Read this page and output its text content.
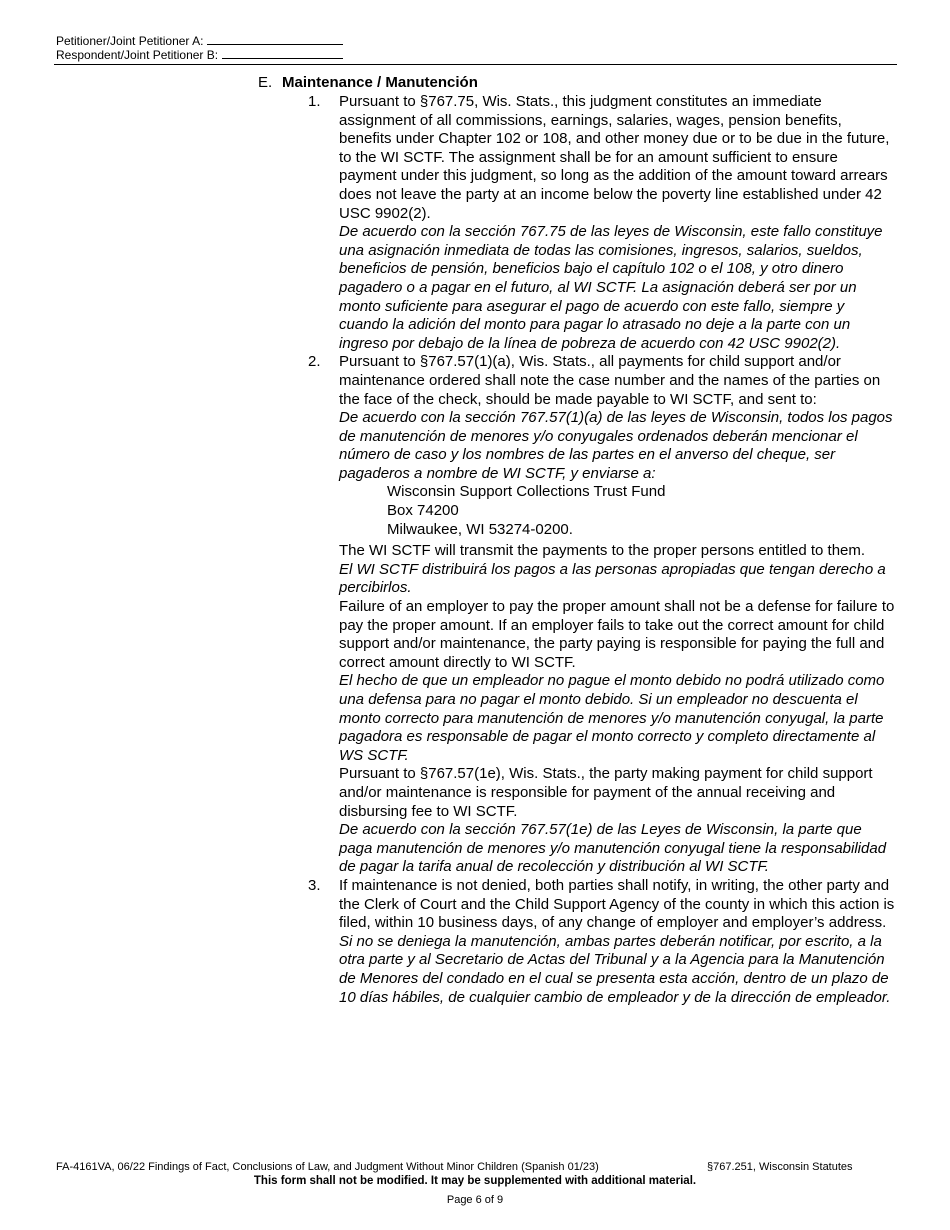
Petitioner/Joint Petitioner A:
Respondent/Joint Petitioner B:
E. Maintenance / Manutención
1. Pursuant to §767.75, Wis. Stats., this judgment constitutes an immediate assignment of all commissions, earnings, salaries, wages, pension benefits, benefits under Chapter 102 or 108, and other money due or to be due in the future, to the WI SCTF. The assignment shall be for an amount sufficient to ensure payment under this judgment, so long as the addition of the amount toward arrears does not leave the party at an income below the poverty line established under 42 USC 9902(2).

De acuerdo con la sección 767.75 de las leyes de Wisconsin, este fallo constituye una asignación inmediata de todas las comisiones, ingresos, salarios, sueldos, beneficios de pensión, beneficios bajo el capítulo 102 o el 108, y otro dinero pagadero o a pagar en el futuro, al WI SCTF. La asignación deberá ser por un monto suficiente para asegurar el pago de acuerdo con este fallo, siempre y cuando la adición del monto para pagar lo atrasado no deje a la parte con un ingreso por debajo de la línea de pobreza de acuerdo con 42 USC 9902(2).

2. Pursuant to §767.57(1)(a), Wis. Stats., all payments for child support and/or maintenance ordered shall note the case number and the names of the parties on the face of the check, should be made payable to WI SCTF, and sent to:

De acuerdo con la sección 767.57(1)(a) de las leyes de Wisconsin, todos los pagos de manutención de menores y/o conyugales ordenados deberán mencionar el número de caso y los nombres de las partes en el anverso del cheque, ser pagaderos a nombre de WI SCTF, y enviarse a:

Wisconsin Support Collections Trust Fund

Box 74200

Milwaukee, WI 53274-0200.

The WI SCTF will transmit the payments to the proper persons entitled to them.

El WI SCTF distribuirá los pagos a las personas apropiadas que tengan derecho a percibirlos.

Failure of an employer to pay the proper amount shall not be a defense for failure to pay the proper amount. If an employer fails to take out the correct amount for child support and/or maintenance, the party paying is responsible for paying the full and correct amount directly to WI SCTF.

El hecho de que un empleador no pague el monto debido no podrá utilizado como una defensa para no pagar el monto debido. Si un empleador no descuenta el monto correcto para manutención de menores y/o manutención conyugal, la parte pagadora es responsable de pagar el monto correcto y completo directamente al WS SCTF.

Pursuant to §767.57(1e), Wis. Stats., the party making payment for child support and/or maintenance is responsible for payment of the annual receiving and disbursing fee to WI SCTF.

De acuerdo con la sección 767.57(1e) de las Leyes de Wisconsin, la parte que paga manutención de menores y/o manutención conyugal tiene la responsabilidad de pagar la tarifa anual de recolección y distribución al WI SCTF.

3. If maintenance is not denied, both parties shall notify, in writing, the other party and the Clerk of Court and the Child Support Agency of the county in which this action is filed, within 10 business days, of any change of employer and employer’s address.

Si no se deniega la manutención, ambas partes deberán notificar, por escrito, a la otra parte y al Secretario de Actas del Tribunal y a la Agencia para la Manutención de Menores del condado en el cual se presenta esta acción, dentro de un plazo de 10 días hábiles, de cualquier cambio de empleador y de la dirección de empleador.

FA-4161VA, 06/22 Findings of Fact, Conclusions of Law, and Judgment Without Minor Children (Spanish 01/23)	§767.251, Wisconsin Statutes
This form shall not be modified. It may be supplemented with additional material.
Page 6 of 9
